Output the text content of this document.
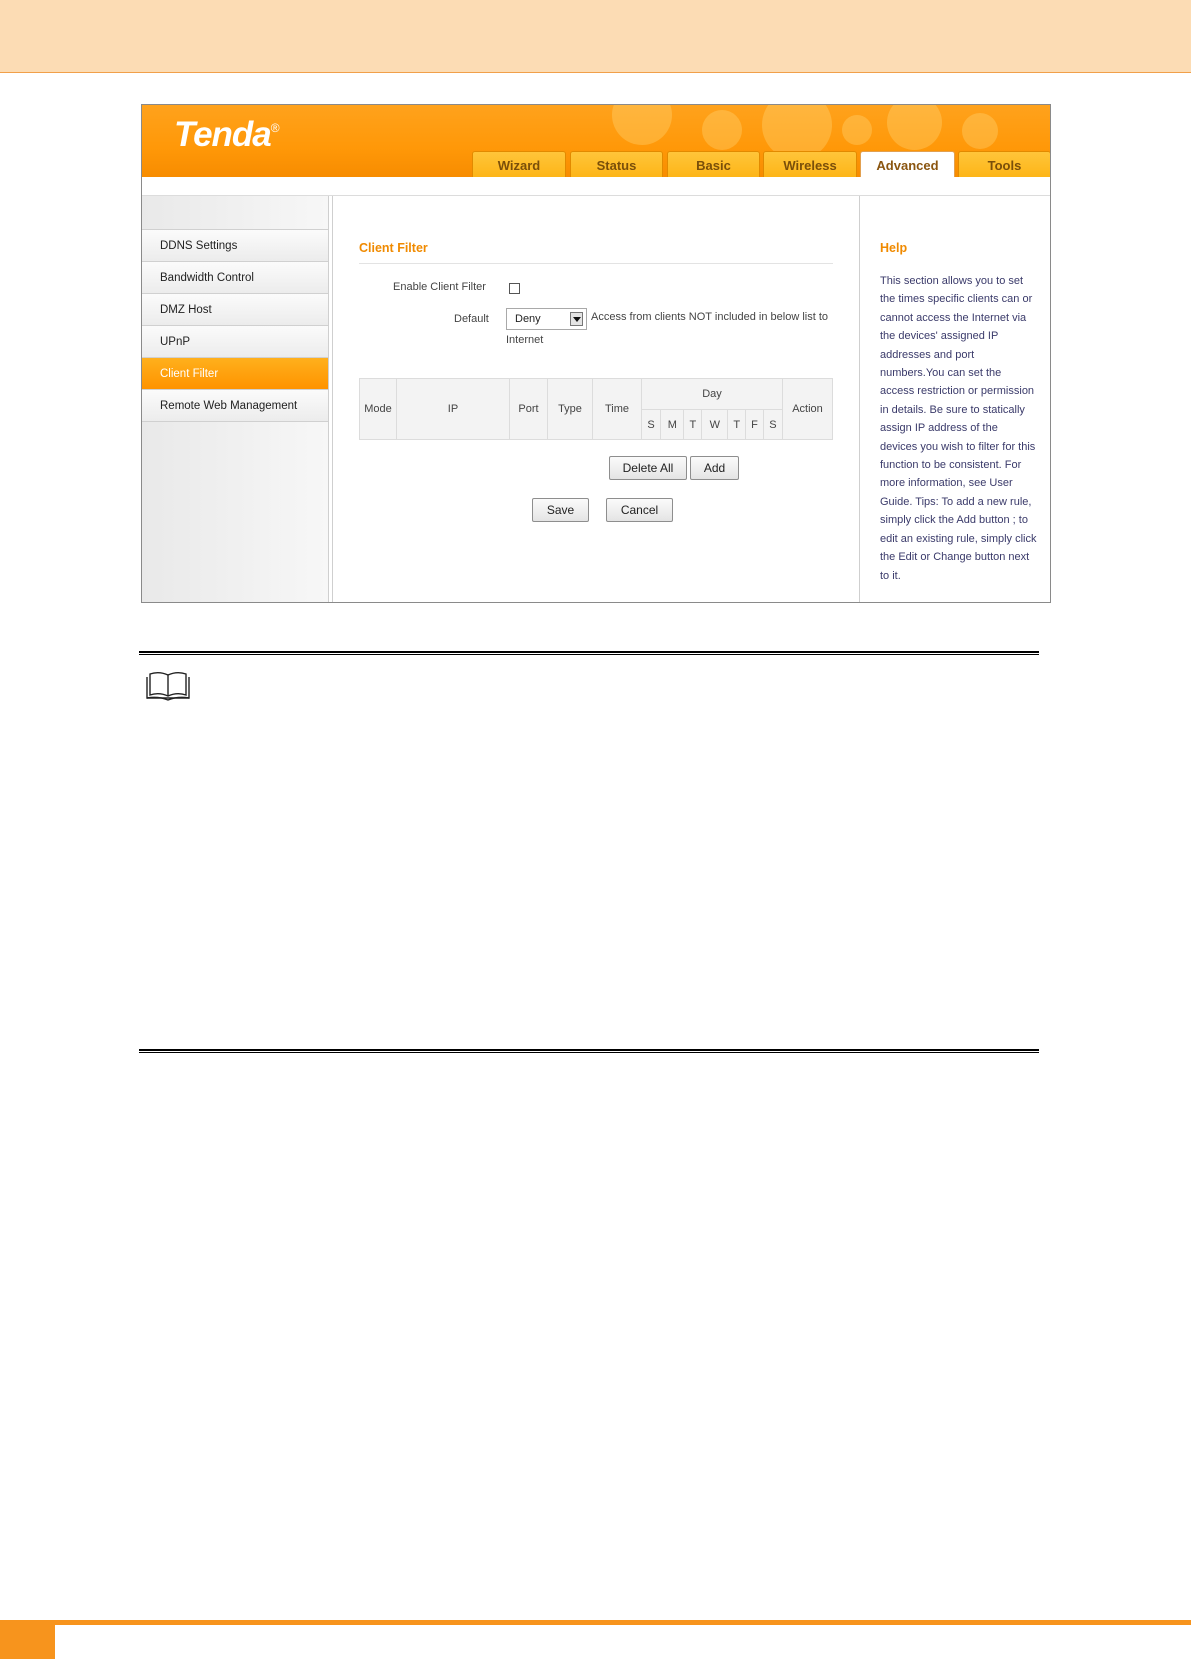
Tenda®
Wizard	Status	Basic	Wireless	Advanced	Tools
DDNS Settings
Bandwidth Control
DMZ Host
UPnP
Client Filter
Remote Web Management
Client Filter
Enable Client Filter
Default Deny	Access from clients NOT included in below list to
Internet
Mode	IP	Port	Type	Time	Day							Action
					S	M	T	W	T	F	S	
Delete All	Add
Save	Cancel
Help
This section allows you to set the times specific clients can or cannot access the Internet via the devices' assigned IP addresses and port numbers.You can set the access restriction or permission in details. Be sure to statically assign IP address of the devices you wish to filter for this function to be consistent. For more information, see User Guide. Tips: To add a new rule, simply click the Add button ; to edit an existing rule, simply click the Edit or Change button next to it.
